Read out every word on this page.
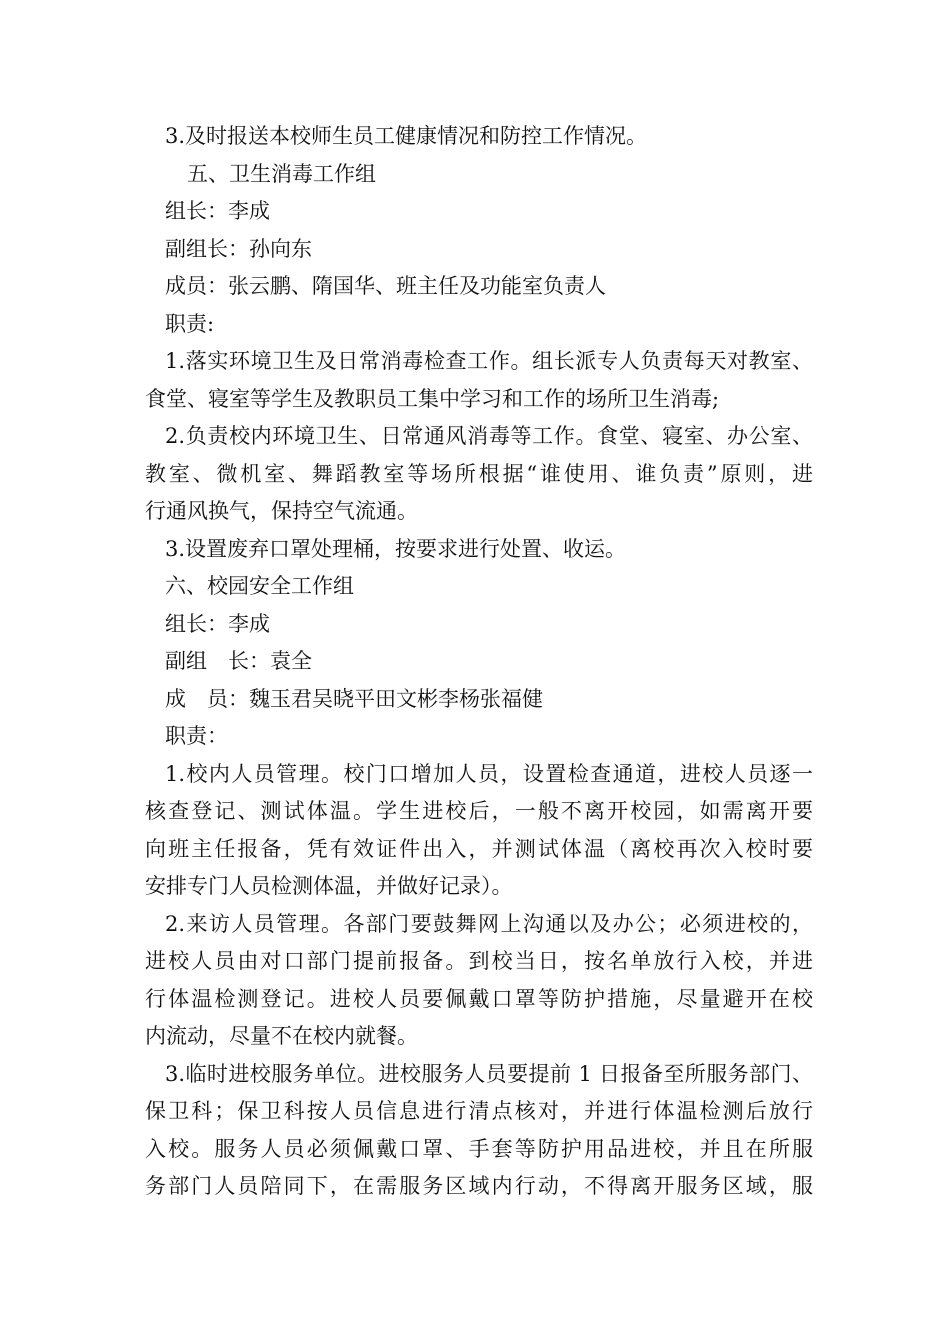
3.及时报送本校师生员工健康情况和防控工作情况。
五、卫生消毒工作组
组长：李成
副组长：孙向东
成员：张云鹏、隋国华、班主任及功能室负责人
职责:
1.落实环境卫生及日常消毒检查工作。组长派专人负责每天对教室、
食堂、寝室等学生及教职员工集中学习和工作的场所卫生消毒;
2.负责校内环境卫生、日常通风消毒等工作。食堂、寝室、办公室、
教室、微机室、舞蹈教室等场所根据“谁使用、谁负责”原则，进
行通风换气，保持空气流通。
3.设置废弃口罩处理桶，按要求进行处置、收运。
六、校园安全工作组
组长：李成
副组　长：袁全
成　员：魏玉君吴晓平田文彬李杨张福健
职责：
1.校内人员管理。校门口增加人员，设置检查通道，进校人员逐一
核查登记、测试体温。学生进校后，一般不离开校园，如需离开要
向班主任报备，凭有效证件出入，并测试体温（离校再次入校时要
安排专门人员检测体温，并做好记录）。
2.来访人员管理。各部门要鼓舞网上沟通以及办公；必须进校的，
进校人员由对口部门提前报备。到校当日，按名单放行入校，并进
行体温检测登记。进校人员要佩戴口罩等防护措施，尽量避开在校
内流动，尽量不在校内就餐。
3.临时进校服务单位。进校服务人员要提前 1 日报备至所服务部门、
保卫科；保卫科按人员信息进行清点核对，并进行体温检测后放行
入校。服务人员必须佩戴口罩、手套等防护用品进校，并且在所服
务部门人员陪同下，在需服务区域内行动，不得离开服务区域，服
